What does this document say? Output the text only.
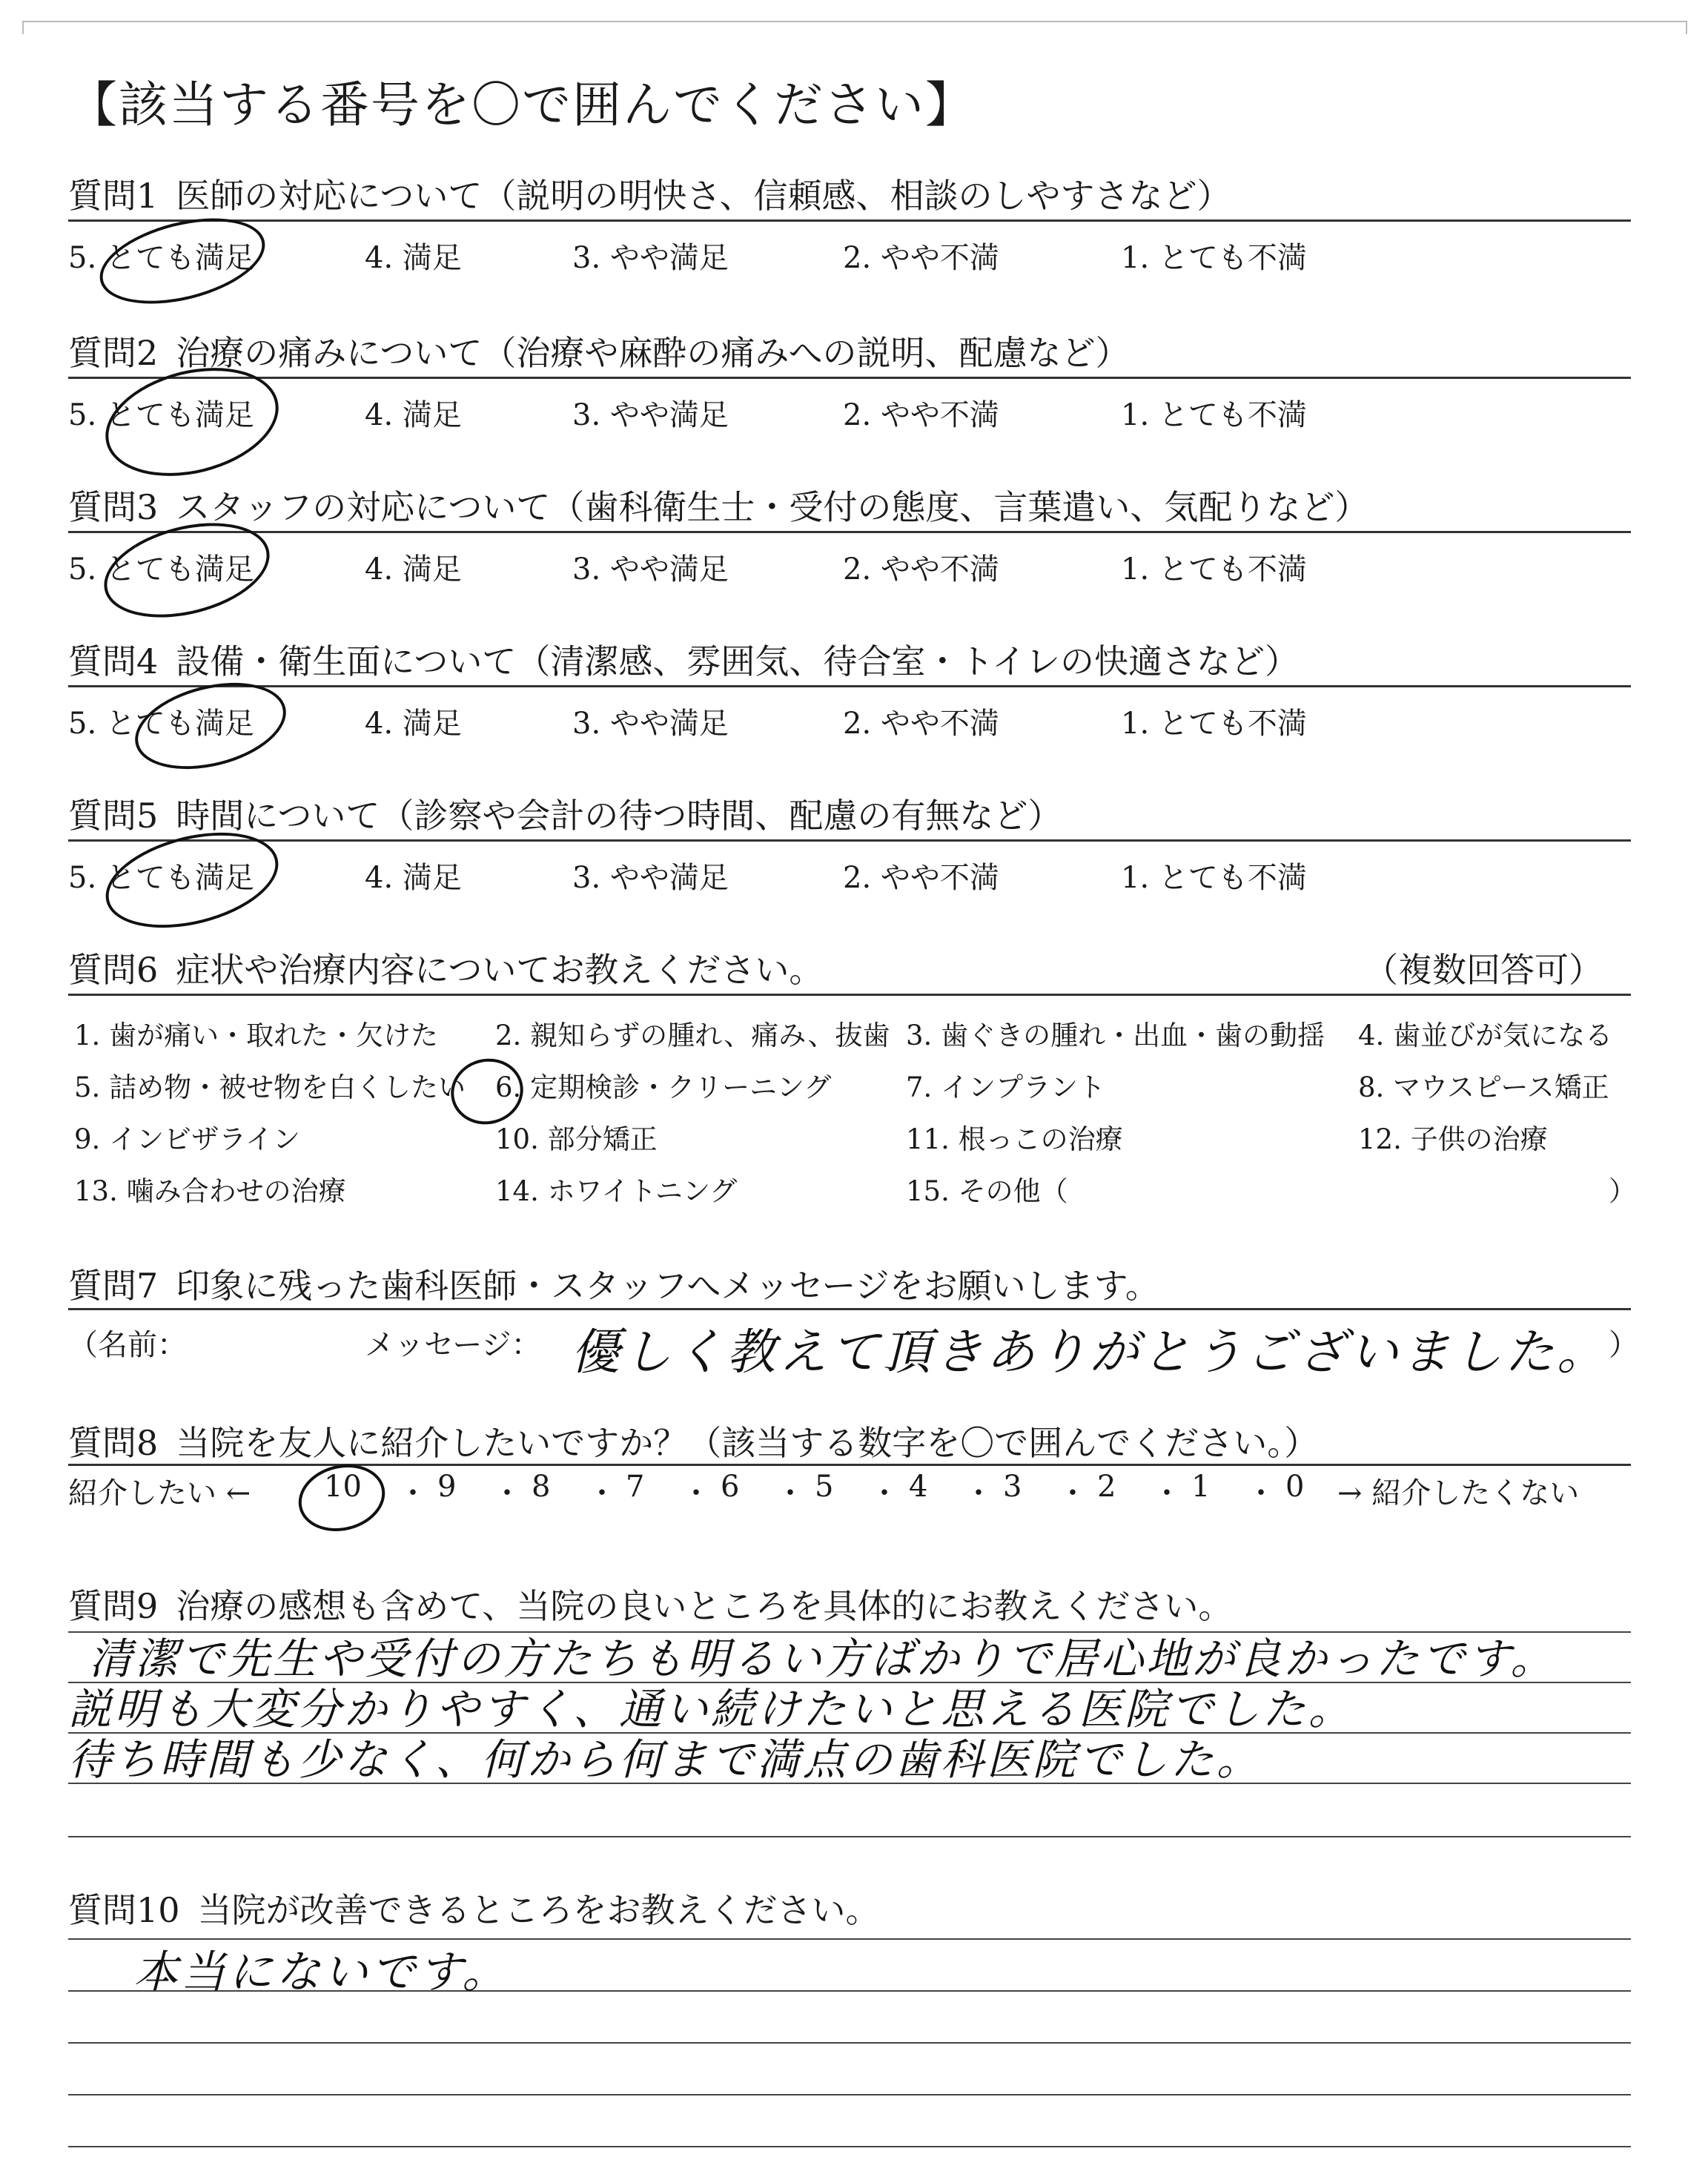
【該当する番号を〇で囲んでください】
質問1 医師の対応について（説明の明快さ、信頼感、相談のしやすさなど）
5. とても満足	4. 満足	3. やや満足	2. やや不満	1. とても不満
質問2 治療の痛みについて（治療や麻酔の痛みへの説明、配慮など）
5. とても満足	4. 満足	3. やや満足	2. やや不満	1. とても不満
質問3 スタッフの対応について（歯科衛生士・受付の態度、言葉遣い、気配りなど）
5. とても満足	4. 満足	3. やや満足	2. やや不満	1. とても不満
質問4 設備・衛生面について（清潔感、雰囲気、待合室・トイレの快適さなど）
5. とても満足	4. 満足	3. やや満足	2. やや不満	1. とても不満
質問5 時間について（診察や会計の待つ時間、配慮の有無など）
5. とても満足	4. 満足	3. やや満足	2. やや不満	1. とても不満
質問6 症状や治療内容についてお教えください。	（複数回答可）
1. 歯が痛い・取れた・欠けた 2. 親知らずの腫れ、痛み、抜歯 3. 歯ぐきの腫れ・出血・歯の動揺 4. 歯並びが気になる
5. 詰め物・被せ物を白くしたい 6. 定期検診・クリーニング	7. インプラント	8. マウスピース矯正
9. インビザライン	10. 部分矯正	11. 根っこの治療	12. 子供の治療
13. 噛み合わせの治療	14. ホワイトニング	15. その他（	）
質問7 印象に残った歯科医師・スタッフへメッセージをお願いします。
（名前：	メッセージ： 優しく教えて頂きありがとうございました。 ）
質問8 当院を友人に紹介したいですか？（該当する数字を〇で囲んでください。）
紹介したい ← 10 ・ 9 ・ 8 ・ 7 ・ 6 ・ 5 ・ 4 ・ 3 ・ 2 ・ 1 ・ 0 → 紹介したくない
質問9 治療の感想も含めて、当院の良いところを具体的にお教えください。
清潔で先生や受付の方たちも明るい方ばかりで居心地が良かったです。
説明も大変分かりやすく、通い続けたいと思える医院でした。
待ち時間も少なく、何から何まで満点の歯科医院でした。
質問10 当院が改善できるところをお教えください。
本当にないです。
